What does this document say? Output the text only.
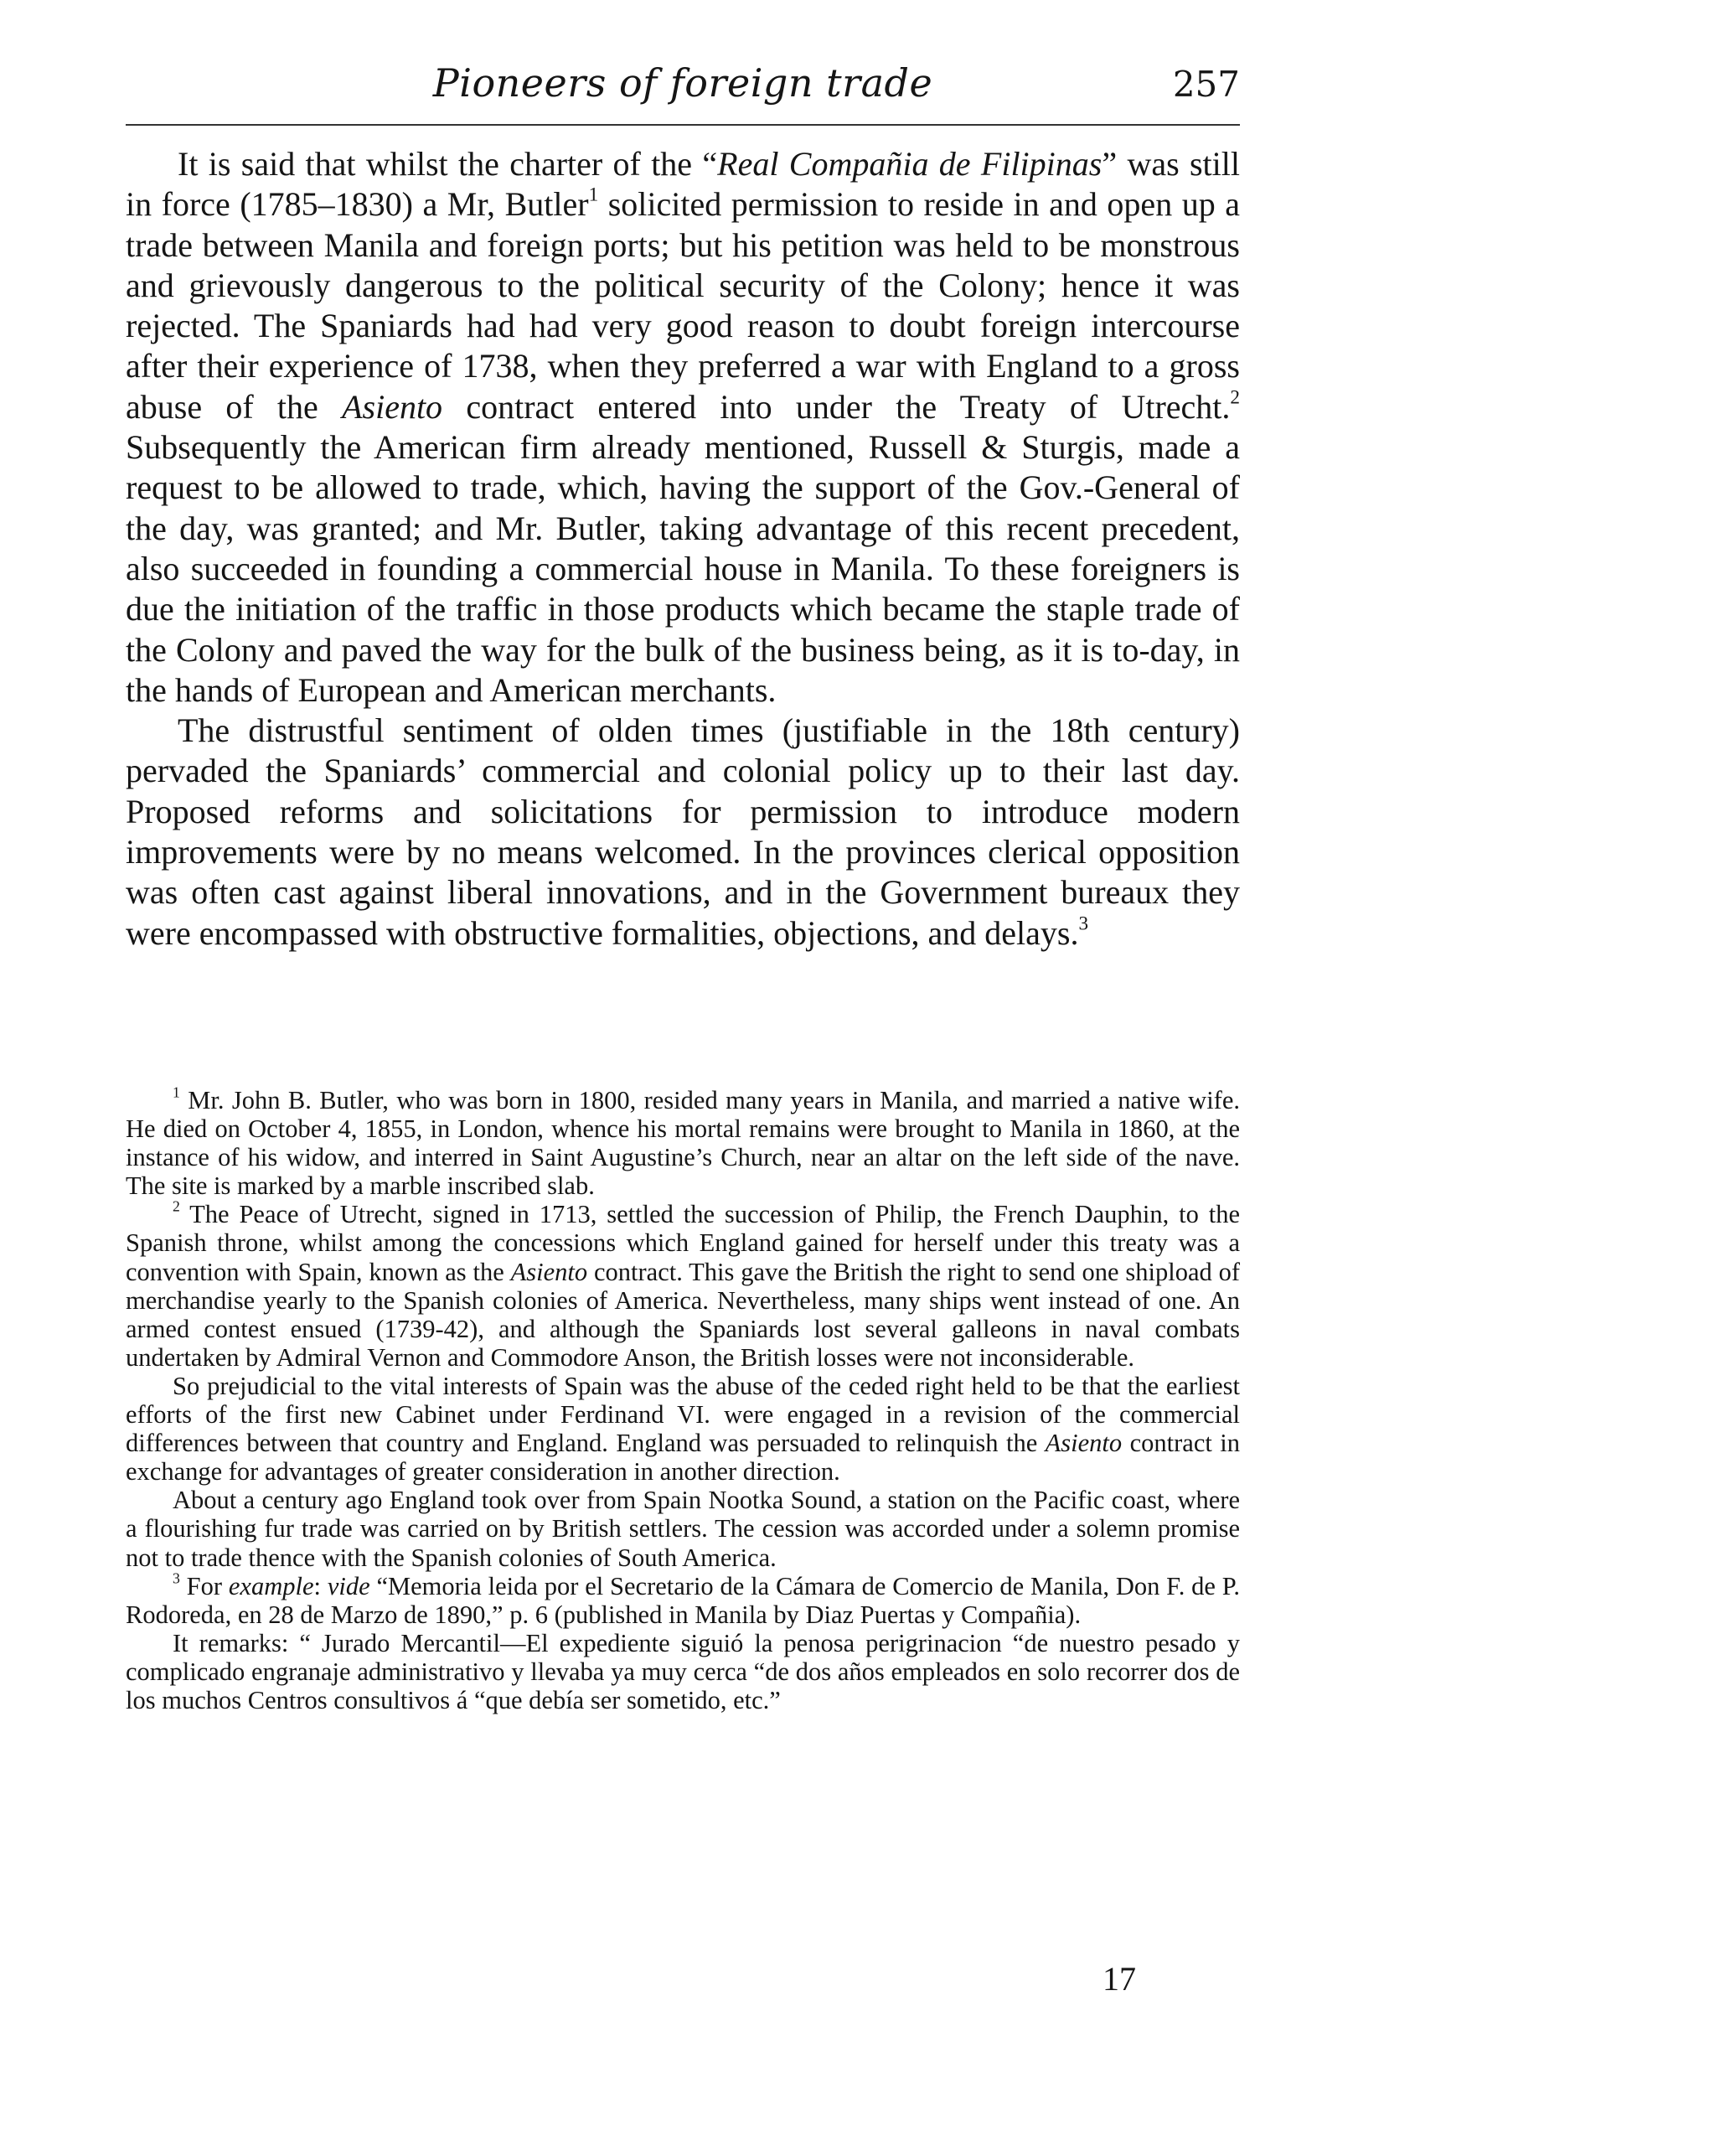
Pioneers of foreign trade	257

It is said that whilst the charter of the “Real Compañia de Filipinas” was still in force (1785–1830) a Mr, Butler$^1$ solicited permission to reside in and open up a trade between Manila and foreign ports; but his petition was held to be monstrous and grievously dangerous to the political security of the Colony; hence it was rejected. The Spaniards had had very good reason to doubt foreign intercourse after their experience of 1738, when they preferred a war with England to a gross abuse of the Asiento contract entered into under the Treaty of Utrecht.$^2$ Subsequently the American firm already mentioned, Russell & Sturgis, made a request to be allowed to trade, which, having the support of the Gov.-General of the day, was granted; and Mr. Butler, taking advantage of this recent precedent, also succeeded in founding a commercial house in Manila. To these foreigners is due the initiation of the traffic in those products which became the staple trade of the Colony and paved the way for the bulk of the business being, as it is to-day, in the hands of European and American merchants.

The distrustful sentiment of olden times (justifiable in the 18th century) pervaded the Spaniards’ commercial and colonial policy up to their last day. Proposed reforms and solicitations for permission to introduce modern improvements were by no means welcomed. In the provinces clerical opposition was often cast against liberal innovations, and in the Government bureaux they were encompassed with obstructive formalities, objections, and delays.$^3$

$^1$ Mr. John B. Butler, who was born in 1800, resided many years in Manila, and married a native wife. He died on October 4, 1855, in London, whence his mortal remains were brought to Manila in 1860, at the instance of his widow, and interred in Saint Augustine’s Church, near an altar on the left side of the nave. The site is marked by a marble inscribed slab.

$^2$ The Peace of Utrecht, signed in 1713, settled the succession of Philip, the French Dauphin, to the Spanish throne, whilst among the concessions which England gained for herself under this treaty was a convention with Spain, known as the Asiento contract. This gave the British the right to send one shipload of merchandise yearly to the Spanish colonies of America. Nevertheless, many ships went instead of one. An armed contest ensued (1739-42), and although the Spaniards lost several galleons in naval combats undertaken by Admiral Vernon and Commodore Anson, the British losses were not inconsiderable.

So prejudicial to the vital interests of Spain was the abuse of the ceded right held to be that the earliest efforts of the first new Cabinet under Ferdinand VI. were engaged in a revision of the commercial differences between that country and England. England was persuaded to relinquish the Asiento contract in exchange for advantages of greater consideration in another direction.

About a century ago England took over from Spain Nootka Sound, a station on the Pacific coast, where a flourishing fur trade was carried on by British settlers. The cession was accorded under a solemn promise not to trade thence with the Spanish colonies of South America.

$^3$ For example: vide “Memoria leida por el Secretario de la Cámara de Comercio de Manila, Don F. de P. Rodoreda, en 28 de Marzo de 1890,” p. 6 (published in Manila by Diaz Puertas y Compañia).

It remarks: “ Jurado Mercantil—El expediente siguió la penosa perigrinacion “de nuestro pesado y complicado engranaje administrativo y llevaba ya muy cerca “de dos años empleados en solo recorrer dos de los muchos Centros consultivos á “que debía ser sometido, etc.”

17
